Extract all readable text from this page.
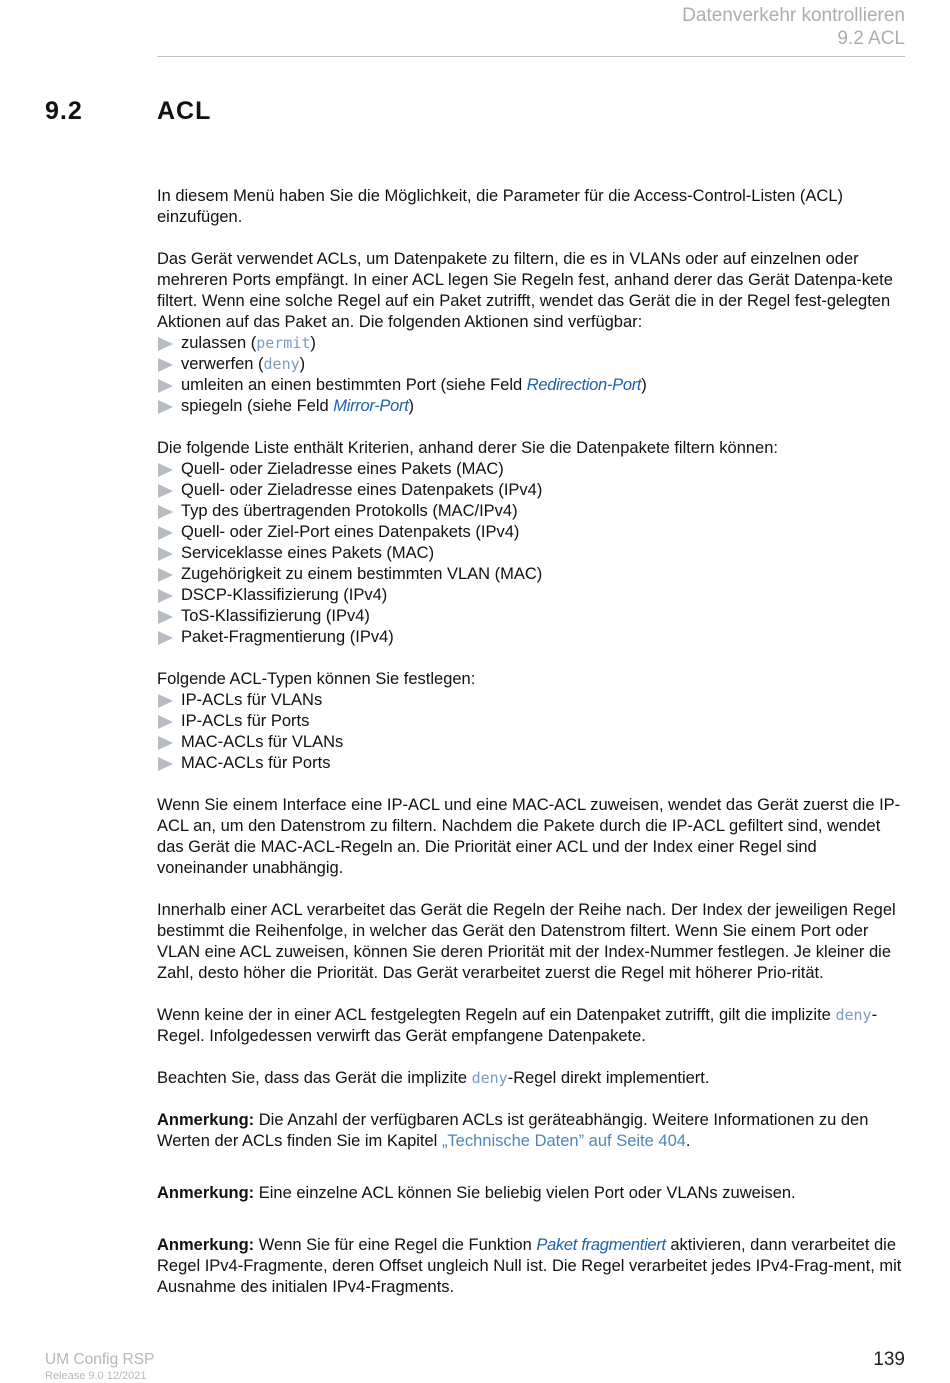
Datenverkehr kontrollieren
9.2 ACL
9.2	ACL

In diesem Menü haben Sie die Möglichkeit, die Parameter für die Access-Control-Listen (ACL) einzufügen.

Das Gerät verwendet ACLs, um Datenpakete zu filtern, die es in VLANs oder auf einzelnen oder mehreren Ports empfängt. In einer ACL legen Sie Regeln fest, anhand derer das Gerät Datenpa-kete filtert. Wenn eine solche Regel auf ein Paket zutrifft, wendet das Gerät die in der Regel fest-gelegten Aktionen auf das Paket an. Die folgenden Aktionen sind verfügbar:

zulassen (permit)
verwerfen (deny)
umleiten an einen bestimmten Port (siehe Feld Redirection-Port)
spiegeln (siehe Feld Mirror-Port)

Die folgende Liste enthält Kriterien, anhand derer Sie die Datenpakete filtern können:

Quell- oder Zieladresse eines Pakets (MAC)
Quell- oder Zieladresse eines Datenpakets (IPv4)
Typ des übertragenden Protokolls (MAC/IPv4)
Quell- oder Ziel-Port eines Datenpakets (IPv4)
Serviceklasse eines Pakets (MAC)
Zugehörigkeit zu einem bestimmten VLAN (MAC)
DSCP-Klassifizierung (IPv4)
ToS-Klassifizierung (IPv4)
Paket-Fragmentierung (IPv4)

Folgende ACL-Typen können Sie festlegen:

IP-ACLs für VLANs
IP-ACLs für Ports
MAC-ACLs für VLANs
MAC-ACLs für Ports

Wenn Sie einem Interface eine IP-ACL und eine MAC-ACL zuweisen, wendet das Gerät zuerst die IP-ACL an, um den Datenstrom zu filtern. Nachdem die Pakete durch die IP-ACL gefiltert sind, wendet das Gerät die MAC-ACL-Regeln an. Die Priorität einer ACL und der Index einer Regel sind voneinander unabhängig.

Innerhalb einer ACL verarbeitet das Gerät die Regeln der Reihe nach. Der Index der jeweiligen Regel bestimmt die Reihenfolge, in welcher das Gerät den Datenstrom filtert. Wenn Sie einem Port oder VLAN eine ACL zuweisen, können Sie deren Priorität mit der Index-Nummer festlegen. Je kleiner die Zahl, desto höher die Priorität. Das Gerät verarbeitet zuerst die Regel mit höherer Prio-rität.

Wenn keine der in einer ACL festgelegten Regeln auf ein Datenpaket zutrifft, gilt die implizite deny-Regel. Infolgedessen verwirft das Gerät empfangene Datenpakete.

Beachten Sie, dass das Gerät die implizite deny-Regel direkt implementiert.

Anmerkung: Die Anzahl der verfügbaren ACLs ist geräteabhängig. Weitere Informationen zu den Werten der ACLs finden Sie im Kapitel „Technische Daten” auf Seite 404.

Anmerkung: Eine einzelne ACL können Sie beliebig vielen Port oder VLANs zuweisen.

Anmerkung: Wenn Sie für eine Regel die Funktion Paket fragmentiert aktivieren, dann verarbeitet die Regel IPv4-Fragmente, deren Offset ungleich Null ist. Die Regel verarbeitet jedes IPv4-Frag-ment, mit Ausnahme des initialen IPv4-Fragments.

UM Config RSP
Release 9.0 12/2021
139
